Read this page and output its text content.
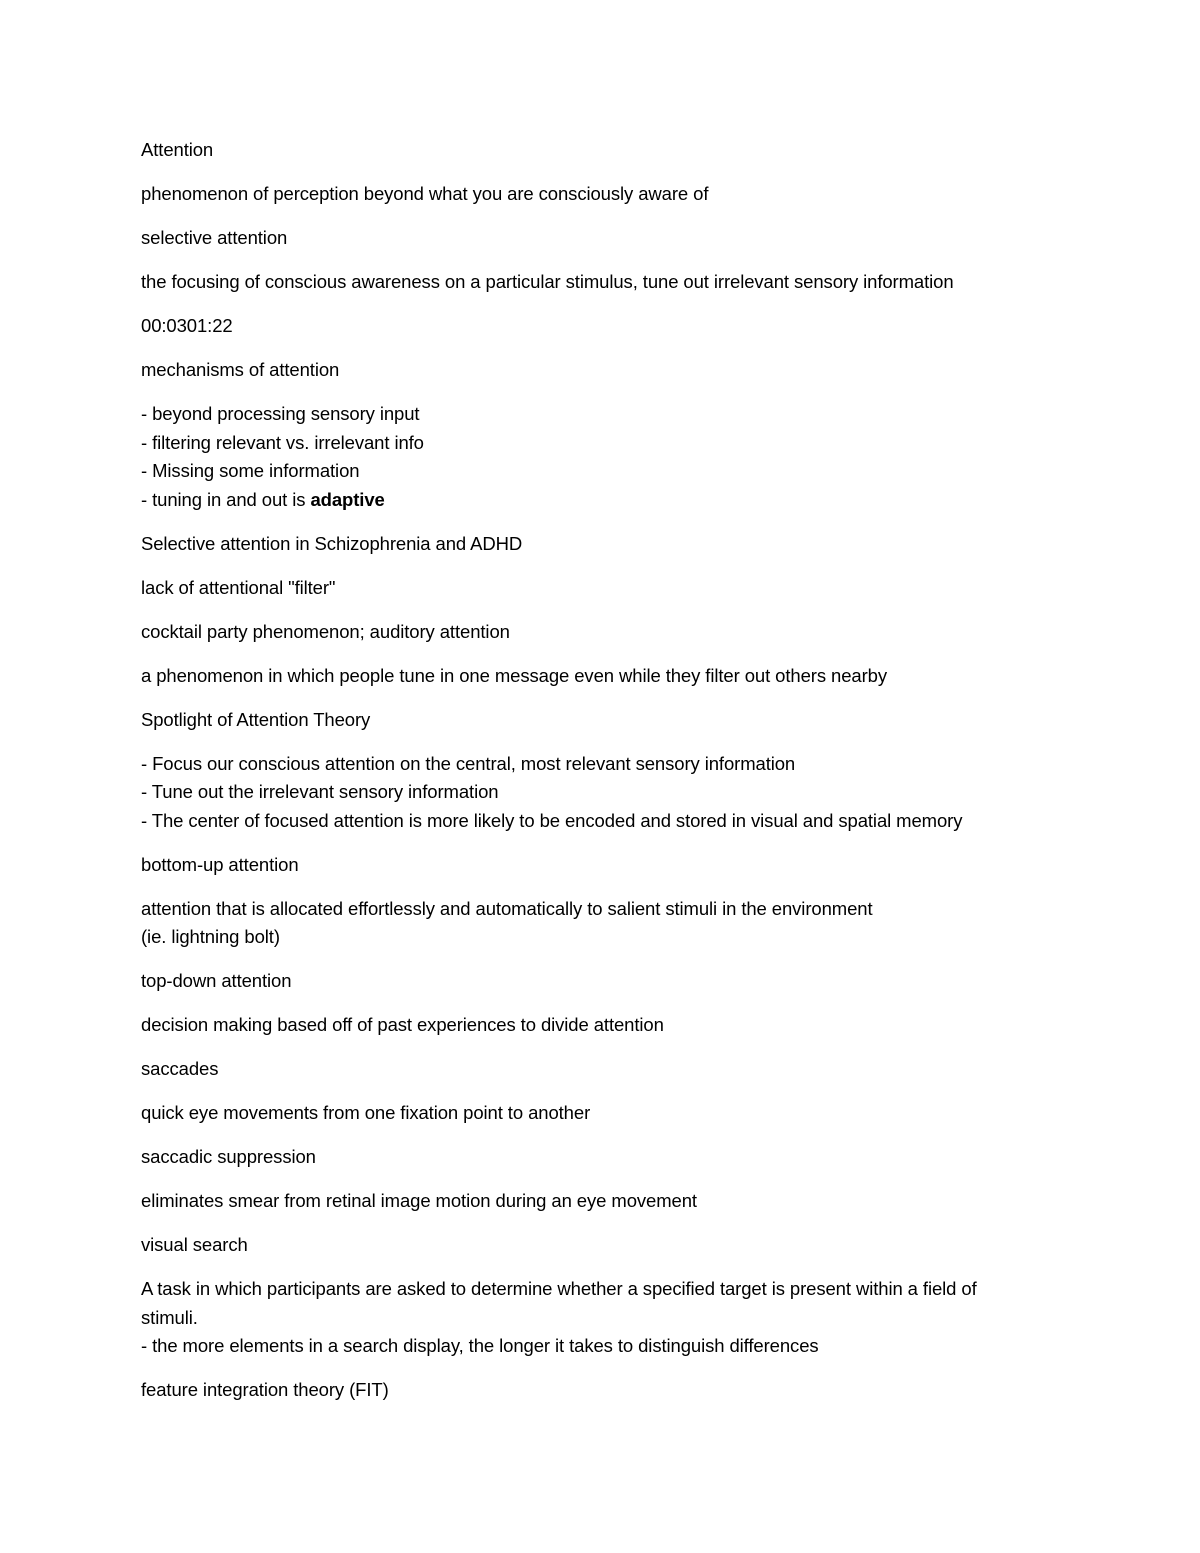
Attention
phenomenon of perception beyond what you are consciously aware of
selective attention
the focusing of conscious awareness on a particular stimulus, tune out irrelevant sensory information
00:0301:22
mechanisms of attention
- beyond processing sensory input
- filtering relevant vs. irrelevant info
- Missing some information
- tuning in and out is adaptive
Selective attention in Schizophrenia and ADHD
lack of attentional "filter"
cocktail party phenomenon; auditory attention
a phenomenon in which people tune in one message even while they filter out others nearby
Spotlight of Attention Theory
- Focus our conscious attention on the central, most relevant sensory information
- Tune out the irrelevant sensory information
- The center of focused attention is more likely to be encoded and stored in visual and spatial memory
bottom-up attention
attention that is allocated effortlessly and automatically to salient stimuli in the environment
(ie. lightning bolt)
top-down attention
decision making based off of past experiences to divide attention
saccades
quick eye movements from one fixation point to another
saccadic suppression
eliminates smear from retinal image motion during an eye movement
visual search
A task in which participants are asked to determine whether a specified target is present within a field of
stimuli.
- the more elements in a search display, the longer it takes to distinguish differences
feature integration theory (FIT)
